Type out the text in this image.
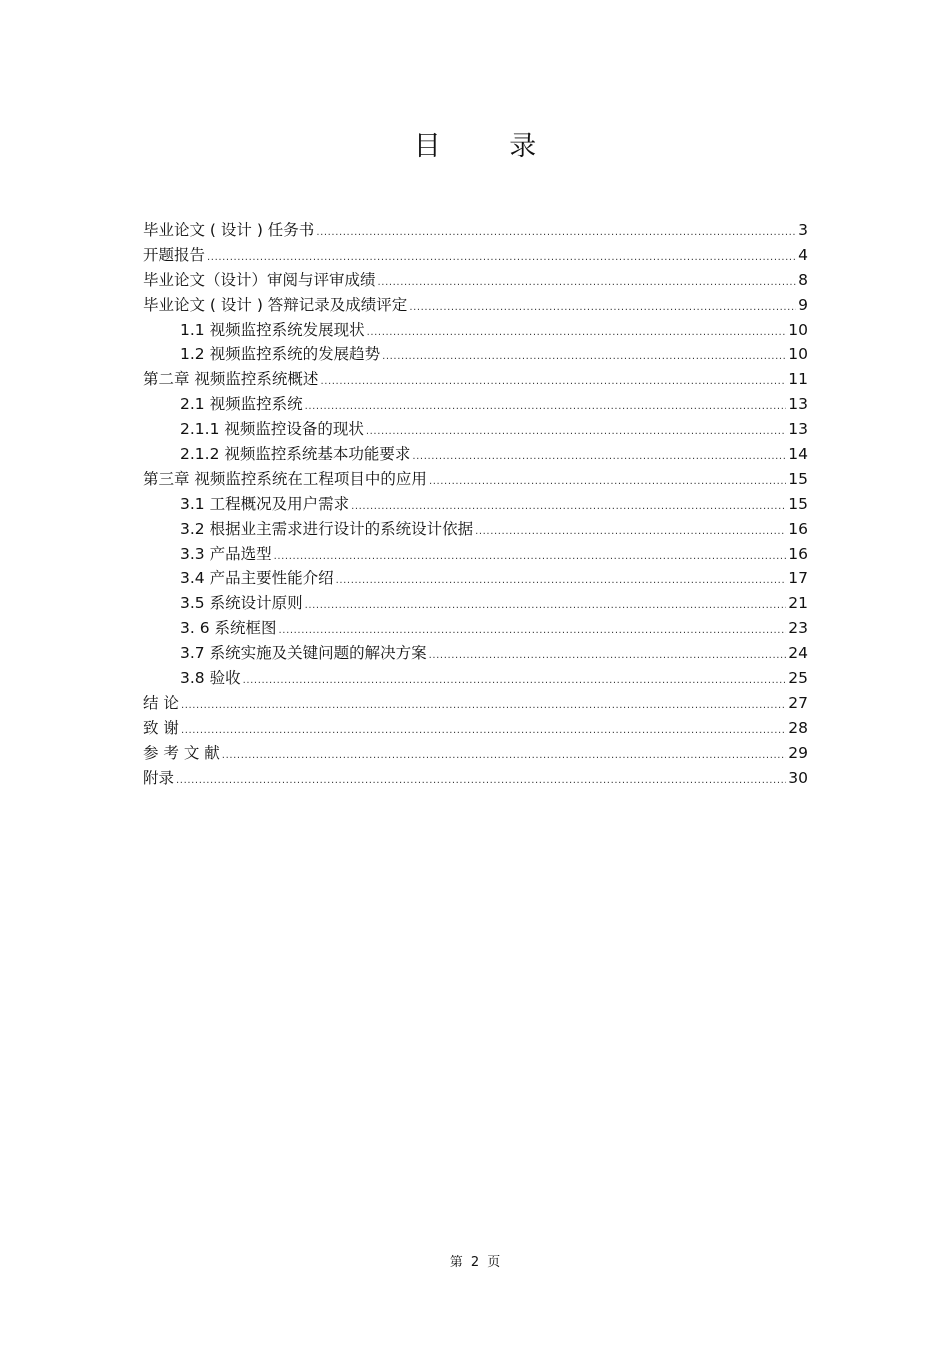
目 录
毕业论文 ( 设计 ) 任务书 .....	3
开题报告 .....	4
毕业论文（设计）审阅与评审成绩 .....	8
毕业论文 ( 设计 ) 答辩记录及成绩评定 .....	9
1.1 视频监控系统发展现状 .....	10
1.2 视频监控系统的发展趋势 .....	10
第二章 视频监控系统概述 .....	11
2.1 视频监控系统 .....	13
2.1.1 视频监控设备的现状 .....	13
2.1.2 视频监控系统基本功能要求 .....	14
第三章 视频监控系统在工程项目中的应用 .....	15
3.1 工程概况及用户需求 .....	15
3.2 根据业主需求进行设计的系统设计依据 .....	16
3.3 产品选型 .....	16
3.4 产品主要性能介绍 .....	17
3.5 系统设计原则 .....	21
3. 6 系统框图 .....	23
3.7 系统实施及关键问题的解决方案 .....	24
3.8 验收 .....	25
结 论 .....	27
致 谢 .....	28
参 考 文 献 .....	29
附录 .....	30
第 2 页
